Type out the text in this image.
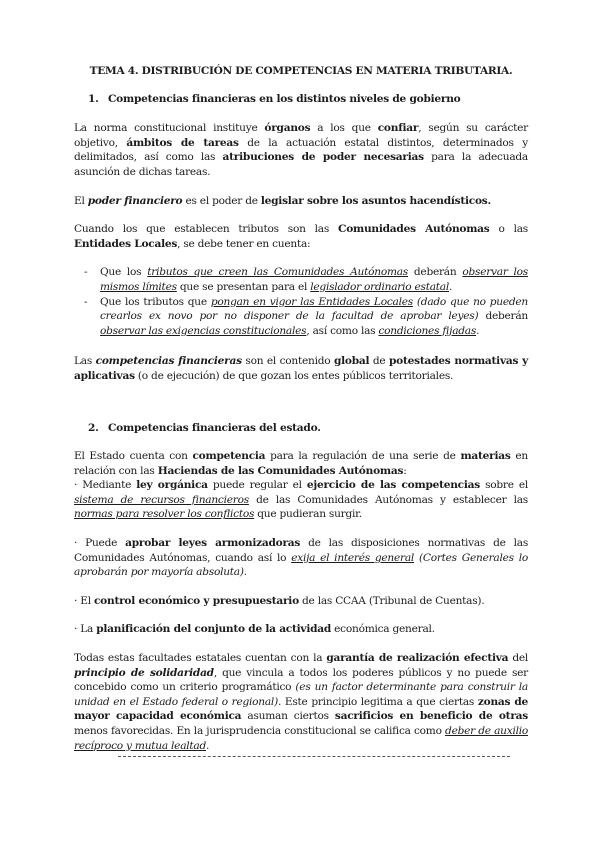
TEMA 4. DISTRIBUCIÓN DE COMPETENCIAS EN MATERIA TRIBUTARIA.
1. Competencias financieras en los distintos niveles de gobierno

La norma constitucional instituye órganos a los que confiar, según su carácter objetivo, ámbitos de tareas de la actuación estatal distintos, determinados y delimitados, así como las atribuciones de poder necesarias para la adecuada asunción de dichas tareas.

El poder financiero es el poder de legislar sobre los asuntos hacendísticos.

Cuando los que establecen tributos son las Comunidades Autónomas o las Entidades Locales, se debe tener en cuenta:

- Que los tributos que creen las Comunidades Autónomas deberán observar los mismos límites que se presentan para el legislador ordinario estatal.
- Que los tributos que pongan en vigor las Entidades Locales (dado que no pueden crearlos ex novo por no disponer de la facultad de aprobar leyes) deberán observar las exigencias constitucionales, así como las condiciones fijadas.

Las competencias financieras son el contenido global de potestades normativas y aplicativas (o de ejecución) de que gozan los entes públicos territoriales.

2. Competencias financieras del estado.

El Estado cuenta con competencia para la regulación de una serie de materias en relación con las Haciendas de las Comunidades Autónomas:
· Mediante ley orgánica puede regular el ejercicio de las competencias sobre el sistema de recursos financieros de las Comunidades Autónomas y establecer las normas para resolver los conflictos que pudieran surgir.

· Puede aprobar leyes armonizadoras de las disposiciones normativas de las Comunidades Autónomas, cuando así lo exija el interés general (Cortes Generales lo aprobarán por mayoría absoluta).

· El control económico y presupuestario de las CCAA (Tribunal de Cuentas).

· La planificación del conjunto de la actividad económica general.

Todas estas facultades estatales cuentan con la garantía de realización efectiva del principio de solidaridad, que vincula a todos los poderes públicos y no puede ser concebido como un criterio programático (es un factor determinante para construir la unidad en el Estado federal o regional). Este principio legitima a que ciertas zonas de mayor capacidad económica asuman ciertos sacrificios en beneficio de otras menos favorecidas. En la jurisprudencia constitucional se califica como deber de auxilio recíproco y mutua lealtad.
